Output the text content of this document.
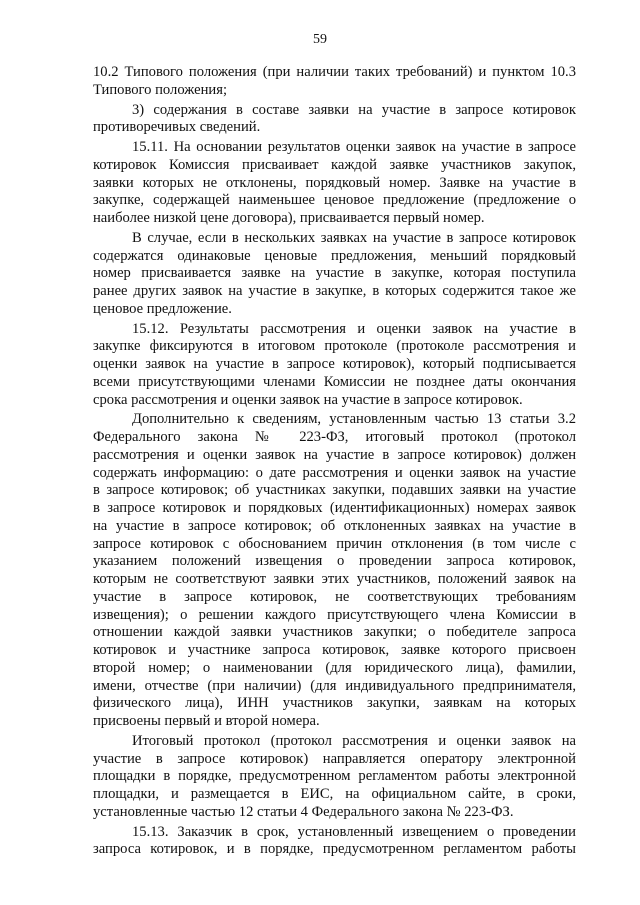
59

10.2 Типового положения (при наличии таких требований) и пунктом 10.3
Типового положения;

3) содержания в составе заявки на участие в запросе котировок
противоречивых сведений.

15.11. На основании результатов оценки заявок на участие в запросе
котировок Комиссия присваивает каждой заявке участников закупок,
заявки которых не отклонены, порядковый номер. Заявке на участие в
закупке, содержащей наименьшее ценовое предложение (предложение о
наиболее низкой цене договора), присваивается первый номер.

В случае, если в нескольких заявках на участие в запросе котировок
содержатся одинаковые ценовые предложения, меньший порядковый
номер присваивается заявке на участие в закупке, которая поступила
ранее других заявок на участие в закупке, в которых содержится такое же
ценовое предложение.

15.12. Результаты рассмотрения и оценки заявок на участие в
закупке фиксируются в итоговом протоколе (протоколе рассмотрения и
оценки заявок на участие в запросе котировок), который подписывается
всеми присутствующими членами Комиссии не позднее даты окончания
срока рассмотрения и оценки заявок на участие в запросе котировок.

Дополнительно к сведениям, установленным частью 13 статьи 3.2
Федерального закона № 223-ФЗ, итоговый протокол (протокол
рассмотрения и оценки заявок на участие в запросе котировок) должен
содержать информацию: о дате рассмотрения и оценки заявок на участие
в запросе котировок; об участниках закупки, подавших заявки на участие
в запросе котировок и порядковых (идентификационных) номерах заявок
на участие в запросе котировок; об отклоненных заявках на участие в
запросе котировок с обоснованием причин отклонения (в том числе с
указанием положений извещения о проведении запроса котировок,
которым не соответствуют заявки этих участников, положений заявок на
участие в запросе котировок, не соответствующих требованиям
извещения); о решении каждого присутствующего члена Комиссии в
отношении каждой заявки участников закупки; о победителе запроса
котировок и участнике запроса котировок, заявке которого присвоен
второй номер; о наименовании (для юридического лица), фамилии,
имени, отчестве (при наличии) (для индивидуального предпринимателя,
физического лица), ИНН участников закупки, заявкам на которых
присвоены первый и второй номера.

Итоговый протокол (протокол рассмотрения и оценки заявок на
участие в запросе котировок) направляется оператору электронной
площадки в порядке, предусмотренном регламентом работы электронной
площадки, и размещается в ЕИС, на официальном сайте, в сроки,
установленные частью 12 статьи 4 Федерального закона № 223-ФЗ.

15.13. Заказчик в срок, установленный извещением о проведении
запроса котировок, и в порядке, предусмотренном регламентом работы
